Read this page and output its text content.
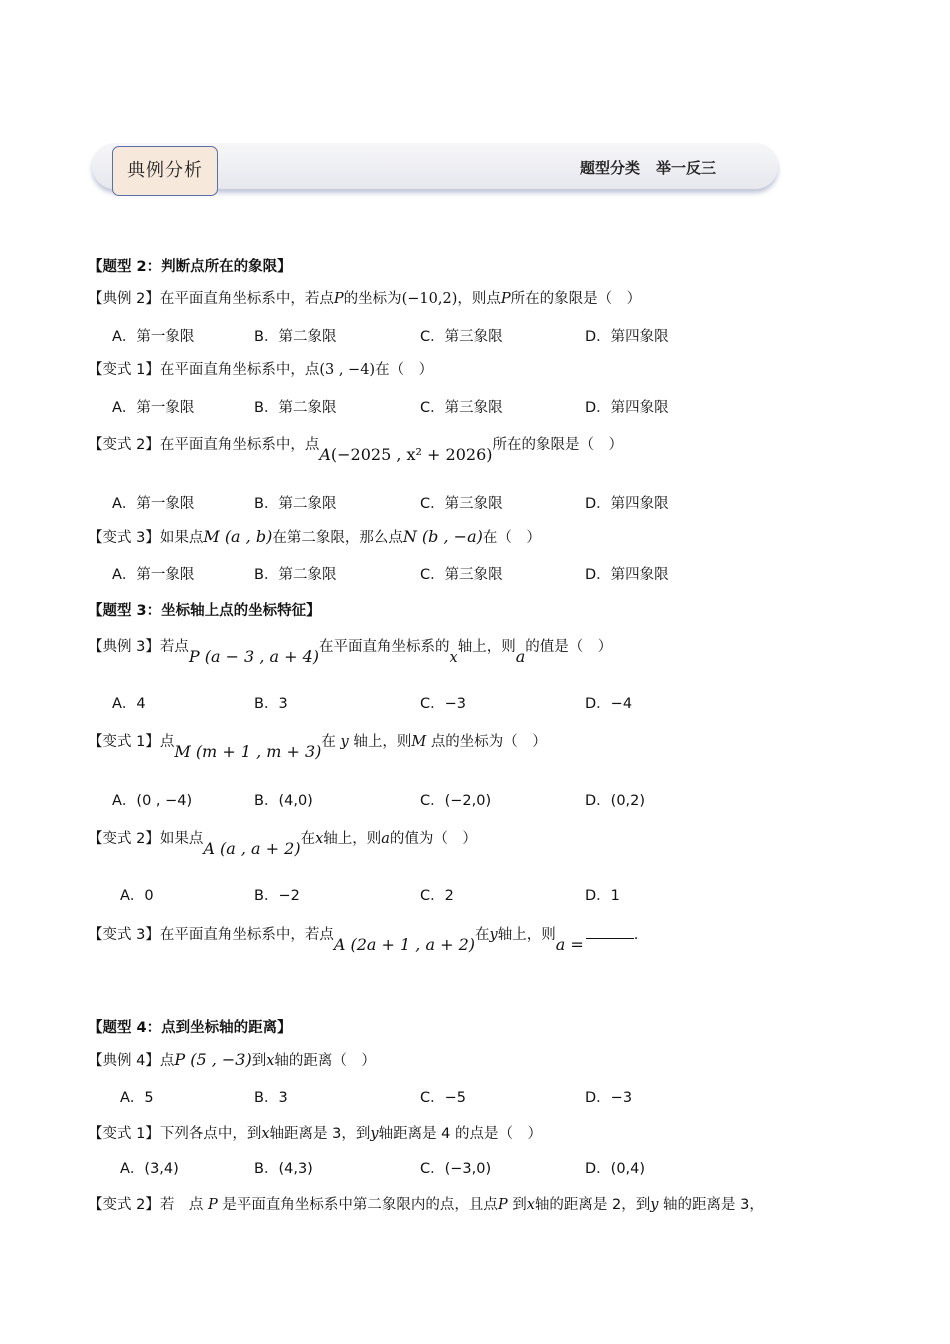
典例分析	题型分类 举一反三
【题型 2：判断点所在的象限】
【典例 2】在平面直角坐标系中，若点P的坐标为(−10,2)，则点P所在的象限是（　）
A．第一象限	B．第二象限	C．第三象限	D．第四象限
【变式 1】在平面直角坐标系中，点(3 , −4)在（　）
A．第一象限	B．第二象限	C．第三象限	D．第四象限
【变式 2】在平面直角坐标系中，点A(−2025 , x² + 2026)所在的象限是（　）
A．第一象限	B．第二象限	C．第三象限	D．第四象限
【变式 3】如果点M (a , b)在第二象限，那么点N (b , −a)在（　）
A．第一象限	B．第二象限	C．第三象限	D．第四象限
【题型 3：坐标轴上点的坐标特征】
【典例 3】若点P (a − 3 , a + 4)在平面直角坐标系的x轴上，则a的值是（　）
A．4	B．3	C．−3	D．−4
【变式 1】点M (m + 1 , m + 3)在 y 轴上，则M 点的坐标为（　）
A．(0 , −4)	B．(4,0)	C．(−2,0)	D．(0,2)
【变式 2】如果点A (a , a + 2)在x轴上，则a的值为（　）
A．0	B．−2	C．2	D．1
【变式 3】在平面直角坐标系中，若点A (2a + 1 , a + 2)在y轴上，则a =	.
【题型 4：点到坐标轴的距离】
【典例 4】点P (5 , −3)到x轴的距离（　）
A．5	B．3	C．−5	D．−3
【变式 1】下列各点中，到x轴距离是 3，到y轴距离是 4 的点是（　）
A．(3,4)	B．(4,3)	C．(−3,0)	D．(0,4)
【变式 2】若　点 P 是平面直角坐标系中第二象限内的点，且点P 到x轴的距离是 2，到y 轴的距离是 3，
